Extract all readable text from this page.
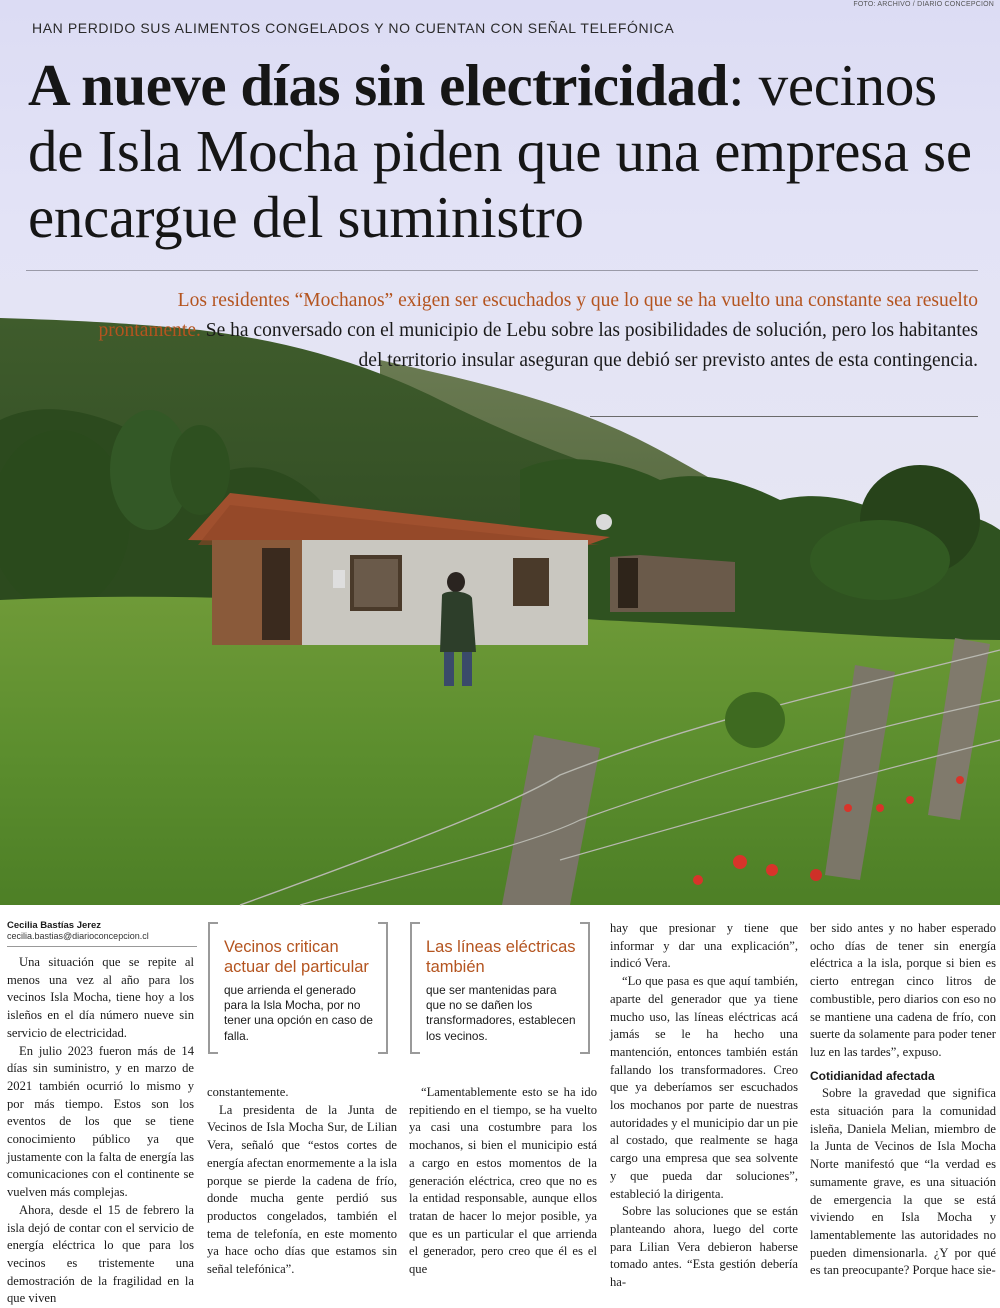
FOTO: ARCHIVO / DIARIO CONCEPCIÓN
HAN PERDIDO SUS ALIMENTOS CONGELADOS Y NO CUENTAN CON SEÑAL TELEFÓNICA
A nueve días sin electricidad: vecinos de Isla Mocha piden que una empresa se encargue del suministro
Los residentes “Mochanos” exigen ser escuchados y que lo que se ha vuelto una constante sea resuelto prontamente. Se ha conversado con el municipio de Lebu sobre las posibilidades de solución, pero los habitantes del territorio insular aseguran que debió ser previsto antes de esta contingencia.
Cecilia Bastías Jerez
cecilia.bastias@diarioconcepcion.cl

Una situación que se repite al menos una vez al año para los vecinos Isla Mocha, tiene hoy a los isleños en el día número nueve sin servicio de electricidad.

En julio 2023 fueron más de 14 días sin suministro, y en marzo de 2021 también ocurrió lo mismo y por más tiempo. Estos son los eventos de los que se tiene conocimiento público ya que justamente con la falta de energía las comunicaciones con el continente se vuelven más complejas.

Ahora, desde el 15 de febrero la isla dejó de contar con el servicio de energía eléctrica lo que para los vecinos es tristemente una demostración de la fragilidad en la que viven

Vecinos critican actuar del particular
que arrienda el generado para la Isla Mocha, por no tener una opción en caso de falla.

constantemente.

La presidenta de la Junta de Vecinos de Isla Mocha Sur, de Lilian Vera, señaló que “estos cortes de energía afectan enormemente a la isla porque se pierde la cadena de frío, donde mucha gente perdió sus productos congelados, también el tema de telefonía, en este momento ya hace ocho días que estamos sin señal telefónica”.

Las líneas eléctricas también
que ser mantenidas para que no se dañen los transformadores, establecen los vecinos.

“Lamentablemente esto se ha ido repitiendo en el tiempo, se ha vuelto ya casi una costumbre para los mochanos, si bien el municipio está a cargo en estos momentos de la generación eléctrica, creo que no es la entidad responsable, aunque ellos tratan de hacer lo mejor posible, ya que es un particular el que arrienda el generador, pero creo que él es el que

hay que presionar y tiene que informar y dar una explicación”, indicó Vera.

“Lo que pasa es que aquí también, aparte del generador que ya tiene mucho uso, las líneas eléctricas acá jamás se le ha hecho una mantención, entonces también están fallando los transformadores. Creo que ya deberíamos ser escuchados los mochanos por parte de nuestras autoridades y el municipio dar un pie al costado, que realmente se haga cargo una empresa que sea solvente y que pueda dar soluciones”, estableció la dirigenta.

Sobre las soluciones que se están planteando ahora, luego del corte para Lilian Vera debieron haberse tomado antes. “Esta gestión debería ha-

ber sido antes y no haber esperado ocho días de tener sin energía eléctrica a la isla, porque si bien es cierto entregan cinco litros de combustible, pero diarios con eso no se mantiene una cadena de frío, con suerte da solamente para poder tener luz en las tardes”, expuso.

Cotidianidad afectada

Sobre la gravedad que significa esta situación para la comunidad isleña, Daniela Melian, miembro de la Junta de Vecinos de Isla Mocha Norte manifestó que “la verdad es sumamente grave, es una situación de emergencia la que se está viviendo en Isla Mocha y lamentablemente las autoridades no pueden dimensionarla. ¿Y por qué es tan preocupante? Porque hace sie-
